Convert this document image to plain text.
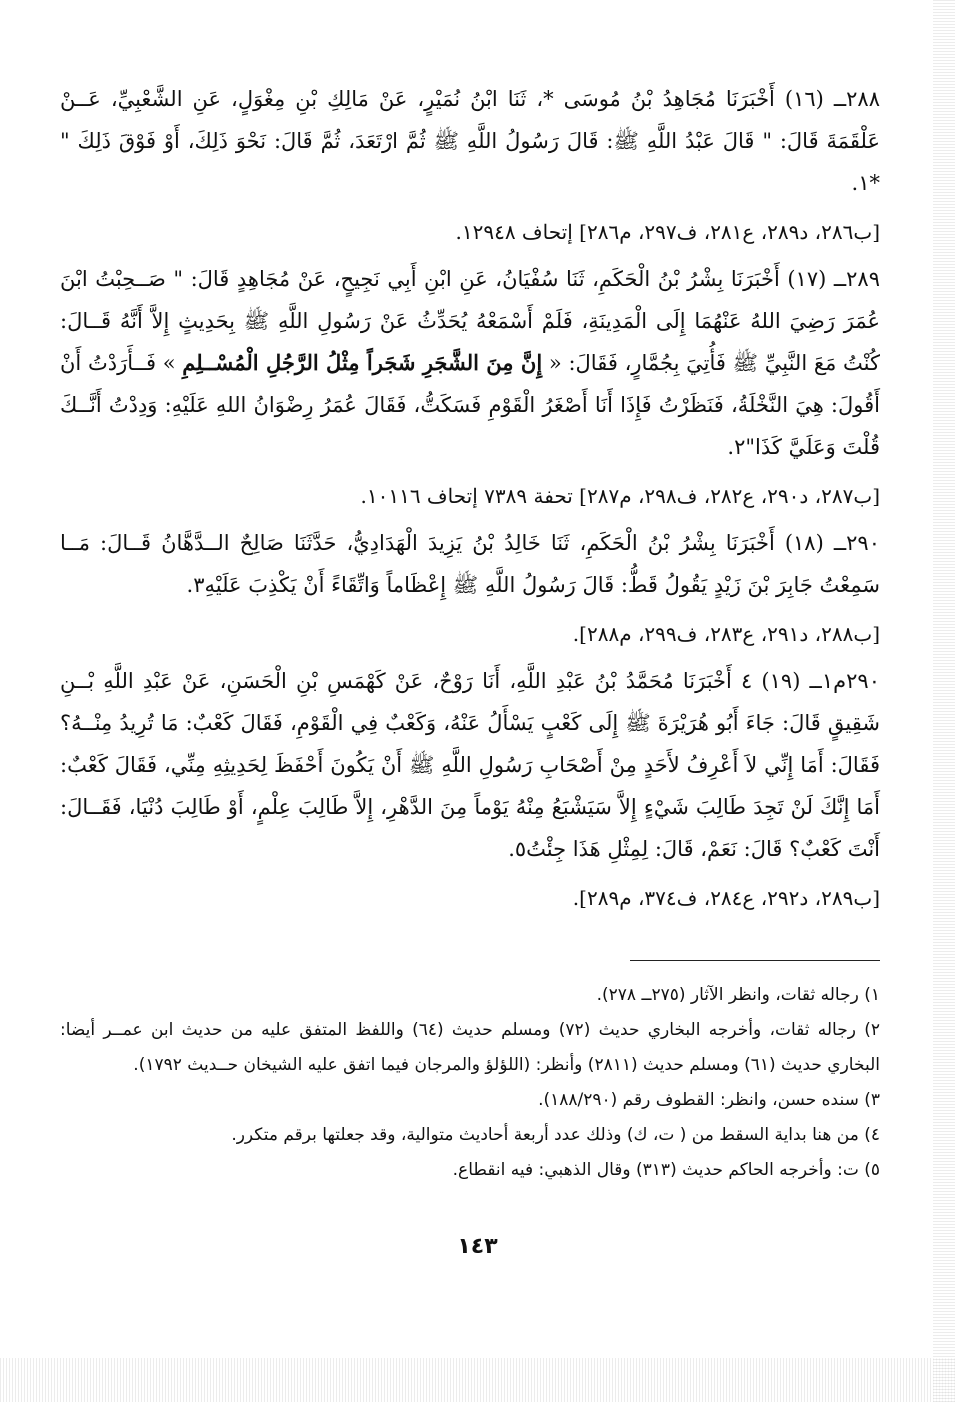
٢٨٨ــ (١٦) أَخْبَرَنَا مُجَاهِدُ بْنُ مُوسَى *، ثَنَا ابْنُ نُمَيْرٍ، عَنْ مَالِكِ بْنِ مِغْوَلٍ، عَنِ الشَّعْبِيِّ، عَــنْ عَلْقَمَةَ قَالَ: " قَالَ عَبْدُ اللَّهِ ﷺ: قَالَ رَسُولُ اللَّهِ ﷺ ثُمَّ ارْتَعَدَ، ثُمَّ قَالَ: نَحْوَ ذَلِكَ، أَوْ فَوْقَ ذَلِكَ " *١.

[ب٢٨٦، د٢٨٩، ع٢٨١، ف٢٩٧، م٢٨٦] إتحاف ١٢٩٤٨.

٢٨٩ــ (١٧) أَخْبَرَنَا بِشْرُ بْنُ الْحَكَمِ، ثَنَا سُفْيَانُ، عَنِ ابْنِ أَبِي نَجِيحٍ، عَنْ مُجَاهِدٍ قَالَ: " صَــحِبْتُ ابْنَ عُمَرَ رَضِيَ اللهُ عَنْهُمَا إِلَى الْمَدِينَةِ، فَلَمْ أَسْمَعْهُ يُحَدِّثُ عَنْ رَسُولِ اللَّهِ ﷺ بِحَدِيثٍ إِلاَّ أَنَّهُ قَــالَ: كُنْتُ مَعَ النَّبِيِّ ﷺ فَأُتِيَ بِجُمَّارٍ، فَقَالَ: « إِنَّ مِنَ الشَّجَرِ شَجَراً مِثْلُ الرَّجُلِ الْمُسْــلِمِ » فَــأَرَدْتُ أَنْ أَقُولَ: هِيَ النَّخْلَةُ، فَنَظَرْتُ فَإِذَا أَنَا أَصْغَرُ الْقَوْمِ فَسَكَتُّ، فَقَالَ عُمَرُ رِضْوَانُ اللهِ عَلَيْهِ: وَدِدْتُ أَنَّــكَ قُلْتَ وَعَلَيَّ كَذَا"٢.

[ب٢٨٧، د٢٩٠، ع٢٨٢، ف٢٩٨، م٢٨٧] تحفة ٧٣٨٩ إتحاف ١٠١١٦.

٢٩٠ــ (١٨) أَخْبَرَنَا بِشْرُ بْنُ الْحَكَمِ، ثَنَا خَالِدُ بْنُ يَزِيدَ الْهَدَادِيُّ، حَدَّثَنَا صَالِحٌ الــدَّهَّانُ قَــالَ: مَــا سَمِعْتُ جَابِرَ بْنَ زَيْدٍ يَقُولُ قَطُّ: قَالَ رَسُولُ اللَّهِ ﷺ إِعْظَاماً وَاتِّقَاءً أَنْ يَكْذِبَ عَلَيْهِ٣.

[ب٢٨٨، د٢٩١، ع٢٨٣، ف٢٩٩، م٢٨٨].

٢٩٠م١ــ (١٩) ٤ أَخْبَرَنَا مُحَمَّدُ بْنُ عَبْدِ اللَّهِ، أَنَا رَوْحٌ، عَنْ كَهْمَسِ بْنِ الْحَسَنِ، عَنْ عَبْدِ اللَّهِ بْــنِ شَقِيقٍ قَالَ: جَاءَ أَبُو هُرَيْرَةَ ﷺ إِلَى كَعْبٍ يَسْأَلُ عَنْهُ، وَكَعْبٌ فِي الْقَوْمِ، فَقَالَ كَعْبٌ: مَا تُرِيدُ مِنْــهُ؟ فَقَالَ: أَمَا إِنِّي لاَ أَعْرِفُ لأَحَدٍ مِنْ أَصْحَابِ رَسُولِ اللَّهِ ﷺ أَنْ يَكُونَ أَحْفَظَ لِحَدِيثِهِ مِنِّي، فَقَالَ كَعْبٌ: أَمَا إِنَّكَ لَنْ تَجِدَ طَالِبَ شَيْءٍ إِلاَّ سَيَشْبَعُ مِنْهُ يَوْماً مِنَ الدَّهْرِ، إِلاَّ طَالِبَ عِلْمٍ، أَوْ طَالِبَ دُنْيَا، فَقَــالَ: أَنْتَ كَعْبٌ؟ قَالَ: نَعَمْ، قَالَ: لِمِثْلِ هَذَا جِئْتُ٥.

[ب٢٨٩، د٢٩٢، ع٢٨٤، ف٣٧٤، م٢٨٩].

١) رجاله ثقات، وانظر الآثار (٢٧٥ــ ٢٧٨).

٢) رجاله ثقات، وأخرجه البخاري حديث (٧٢) ومسلم حديث (٦٤) واللفظ المتفق عليه من حديث ابن عمــر أيضا: البخاري حديث (٦١) ومسلم حديث (٢٨١١) وأنظر: (اللؤلؤ والمرجان فيما اتفق عليه الشيخان حــديث ١٧٩٢).

٣) سنده حسن، وانظر: القطوف رقم (١٨٨/٢٩٠).

٤) من هنا بداية السقط من ( ت، ك) وذلك عدد أربعة أحاديث متوالية، وقد جعلتها برقم متكرر.

٥) ت: وأخرجه الحاكم حديث (٣١٣) وقال الذهبي: فيه انقطاع.

١٤٣
